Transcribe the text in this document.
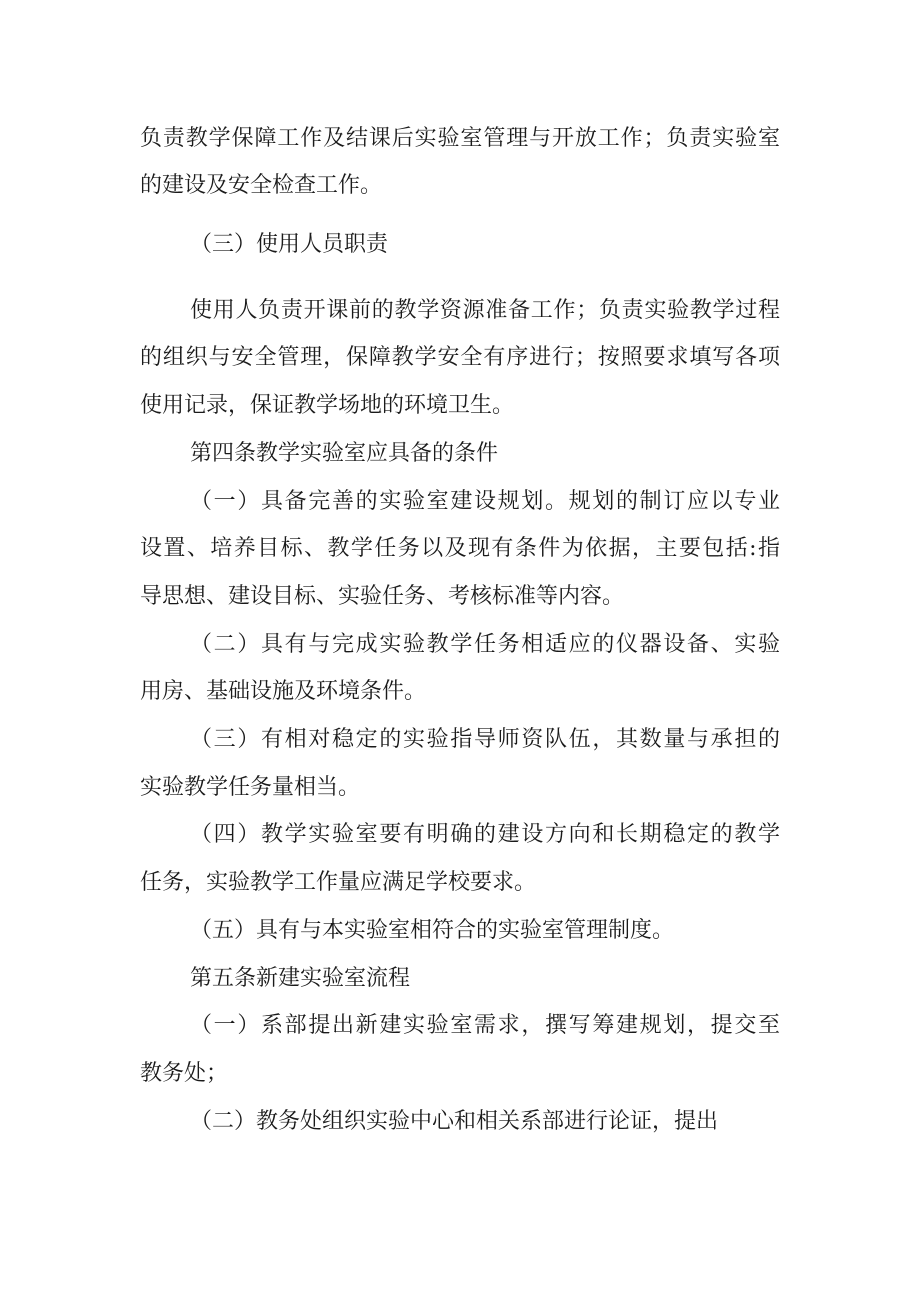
负责教学保障工作及结课后实验室管理与开放工作；负责实验室
的建设及安全检查工作。
（三）使用人员职责
使用人负责开课前的教学资源准备工作；负责实验教学过程
的组织与安全管理，保障教学安全有序进行；按照要求填写各项
使用记录，保证教学场地的环境卫生。
第四条教学实验室应具备的条件
（一）具备完善的实验室建设规划。规划的制订应以专业
设置、培养目标、教学任务以及现有条件为依据，主要包括:指
导思想、建设目标、实验任务、考核标准等内容。
（二）具有与完成实验教学任务相适应的仪器设备、实验
用房、基础设施及环境条件。
（三）有相对稳定的实验指导师资队伍，其数量与承担的
实验教学任务量相当。
（四）教学实验室要有明确的建设方向和长期稳定的教学
任务，实验教学工作量应满足学校要求。
（五）具有与本实验室相符合的实验室管理制度。
第五条新建实验室流程
（一）系部提出新建实验室需求，撰写筹建规划，提交至
教务处；
（二）教务处组织实验中心和相关系部进行论证，提出
